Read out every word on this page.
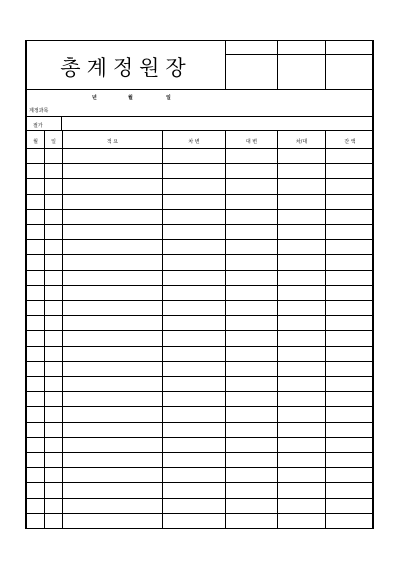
총계정원장
년	월	일
계정과목
절가
월	일	적 요	차 변	대 변	차/대	잔 액
